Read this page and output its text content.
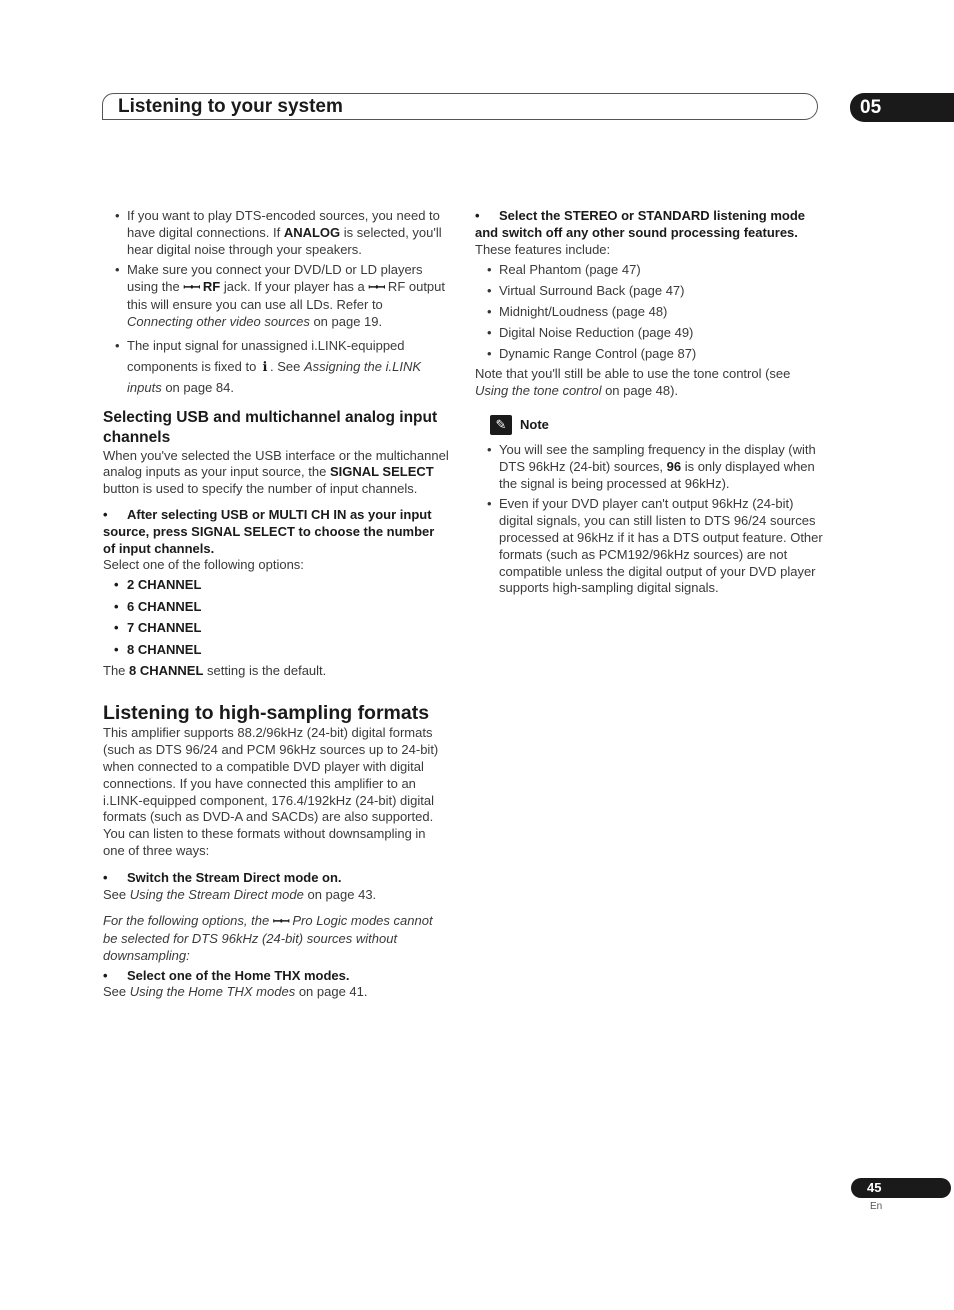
Listening to your system	05
• If you want to play DTS-encoded sources, you need to have digital connections. If ANALOG is selected, you'll hear digital noise through your speakers.
• Make sure you connect your DVD/LD or LD players using the ꟷꟷ RF jack. If your player has a ꟷꟷ RF output this will ensure you can use all LDs. Refer to Connecting other video sources on page 19.
• The input signal for unassigned i.LINK-equipped components is fixed to ℹ . See Assigning the i.LINK inputs on page 84.
Selecting USB and multichannel analog input channels

When you've selected the USB interface or the multichannel analog inputs as your input source, the SIGNAL SELECT button is used to specify the number of input channels.

• After selecting USB or MULTI CH IN as your input source, press SIGNAL SELECT to choose the number of input channels.

Select one of the following options:

• 2 CHANNEL
• 6 CHANNEL
• 7 CHANNEL
• 8 CHANNEL

The 8 CHANNEL setting is the default.

Listening to high-sampling formats

This amplifier supports 88.2/96kHz (24-bit) digital formats (such as DTS 96/24 and PCM 96kHz sources up to 24-bit) when connected to a compatible DVD player with digital connections. If you have connected this amplifier to an i.LINK-equipped component, 176.4/192kHz (24-bit) digital formats (such as DVD-A and SACDs) are also supported. You can listen to these formats without downsampling in one of three ways:

• Switch the Stream Direct mode on.

See Using the Stream Direct mode on page 43.

For the following options, the ꟷꟷ Pro Logic modes cannot be selected for DTS 96kHz (24-bit) sources without downsampling:

• Select one of the Home THX modes.

See Using the Home THX modes on page 41.

• Select the STEREO or STANDARD listening mode and switch off any other sound processing features.

These features include:

• Real Phantom (page 47)
• Virtual Surround Back (page 47)
• Midnight/Loudness (page 48)
• Digital Noise Reduction (page 49)
• Dynamic Range Control (page 87)

Note that you'll still be able to use the tone control (see Using the tone control on page 48).

✎	Note
• You will see the sampling frequency in the display (with DTS 96kHz (24-bit) sources, 96 is only displayed when the signal is being processed at 96kHz).
• Even if your DVD player can't output 96kHz (24-bit) digital signals, you can still listen to DTS 96/24 sources processed at 96kHz if it has a DTS output feature. Other formats (such as PCM192/96kHz sources) are not compatible unless the digital output of your DVD player supports high-sampling digital signals.
45
En
